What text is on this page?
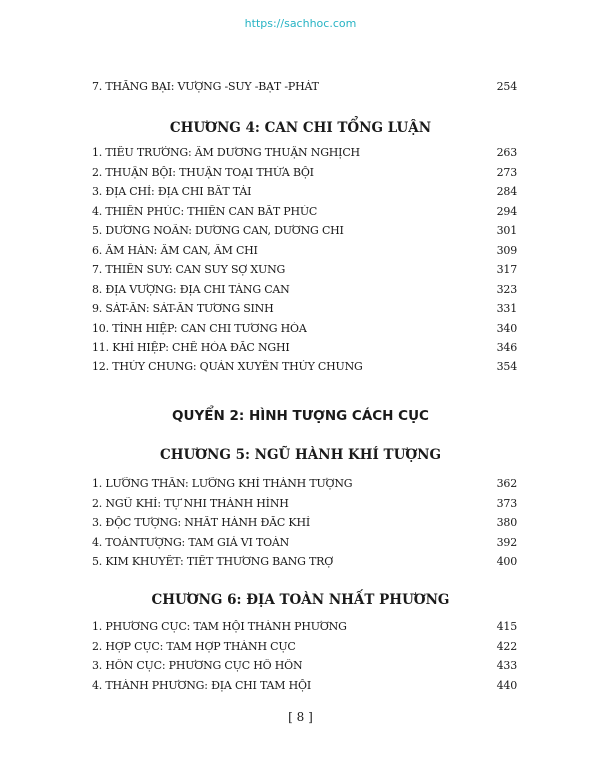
https://sachhoc.com

7. THẮNG BẠI: VƯỢNG -SUY -BẠT -PHÁT	254
CHƯƠNG 4: CAN CHI TỔNG LUẬN
1. TIÊU TRƯỞNG: ÂM DƯƠNG THUẬN NGHỊCH	263
2. THUẬN BỘI: THUẬN TOẠI THỪA BỘI	273
3. ĐỊA CHỈ: ĐỊA CHI BẤT TÁI	284
4. THIÊN PHÚC: THIÊN CAN BẤT PHÚC	294
5. DƯƠNG NOÃN: DƯƠNG CAN, DƯƠNG CHI	301
6. ÂM HÀN: ÂM CAN, ÂM CHI	309
7. THIÊN SUY: CAN SUY SỢ XUNG	317
8. ĐỊA VƯỢNG: ĐỊA CHI TÀNG CAN	323
9. SÁT-ẤN: SÁT-ẤN TƯƠNG SINH	331
10. TÌNH HIỆP: CAN CHI TƯƠNG HÒA	340
11. KHÍ HIỆP: CHẾ HÓA ĐẮC NGHI	346
12. THỦY CHUNG: QUÁN XUYÊN THỦY CHUNG	354
QUYỂN 2: HÌNH TƯỢNG CÁCH CỤC
CHƯƠNG 5: NGŨ HÀNH KHÍ TƯỢNG
1. LƯỠNG THẦN: LƯỠNG KHÍ THÀNH TƯỢNG	362
2. NGŨ KHÍ: TỰ NHI THÀNH HÌNH	373
3. ĐỘC TƯỢNG: NHẤT HÀNH ĐẮC KHÍ	380
4. TOÀNTƯỢNG: TAM GIẢ VI TOÀN	392
5. KIM KHUYẾT: TIẾT THƯƠNG BANG TRỢ	400
CHƯƠNG 6: ĐỊA TOÀN NHẤT PHƯƠNG
1. PHƯƠNG CỤC: TAM HỘI THÀNH PHƯƠNG	415
2. HỢP CỤC: TAM HỢP THÀNH CỤC	422
3. HỖN CỤC: PHƯƠNG CỤC HỖ HỖN	433
4. THÀNH PHƯƠNG: ĐỊA CHI TAM HỘI	440

[ 8 ]
